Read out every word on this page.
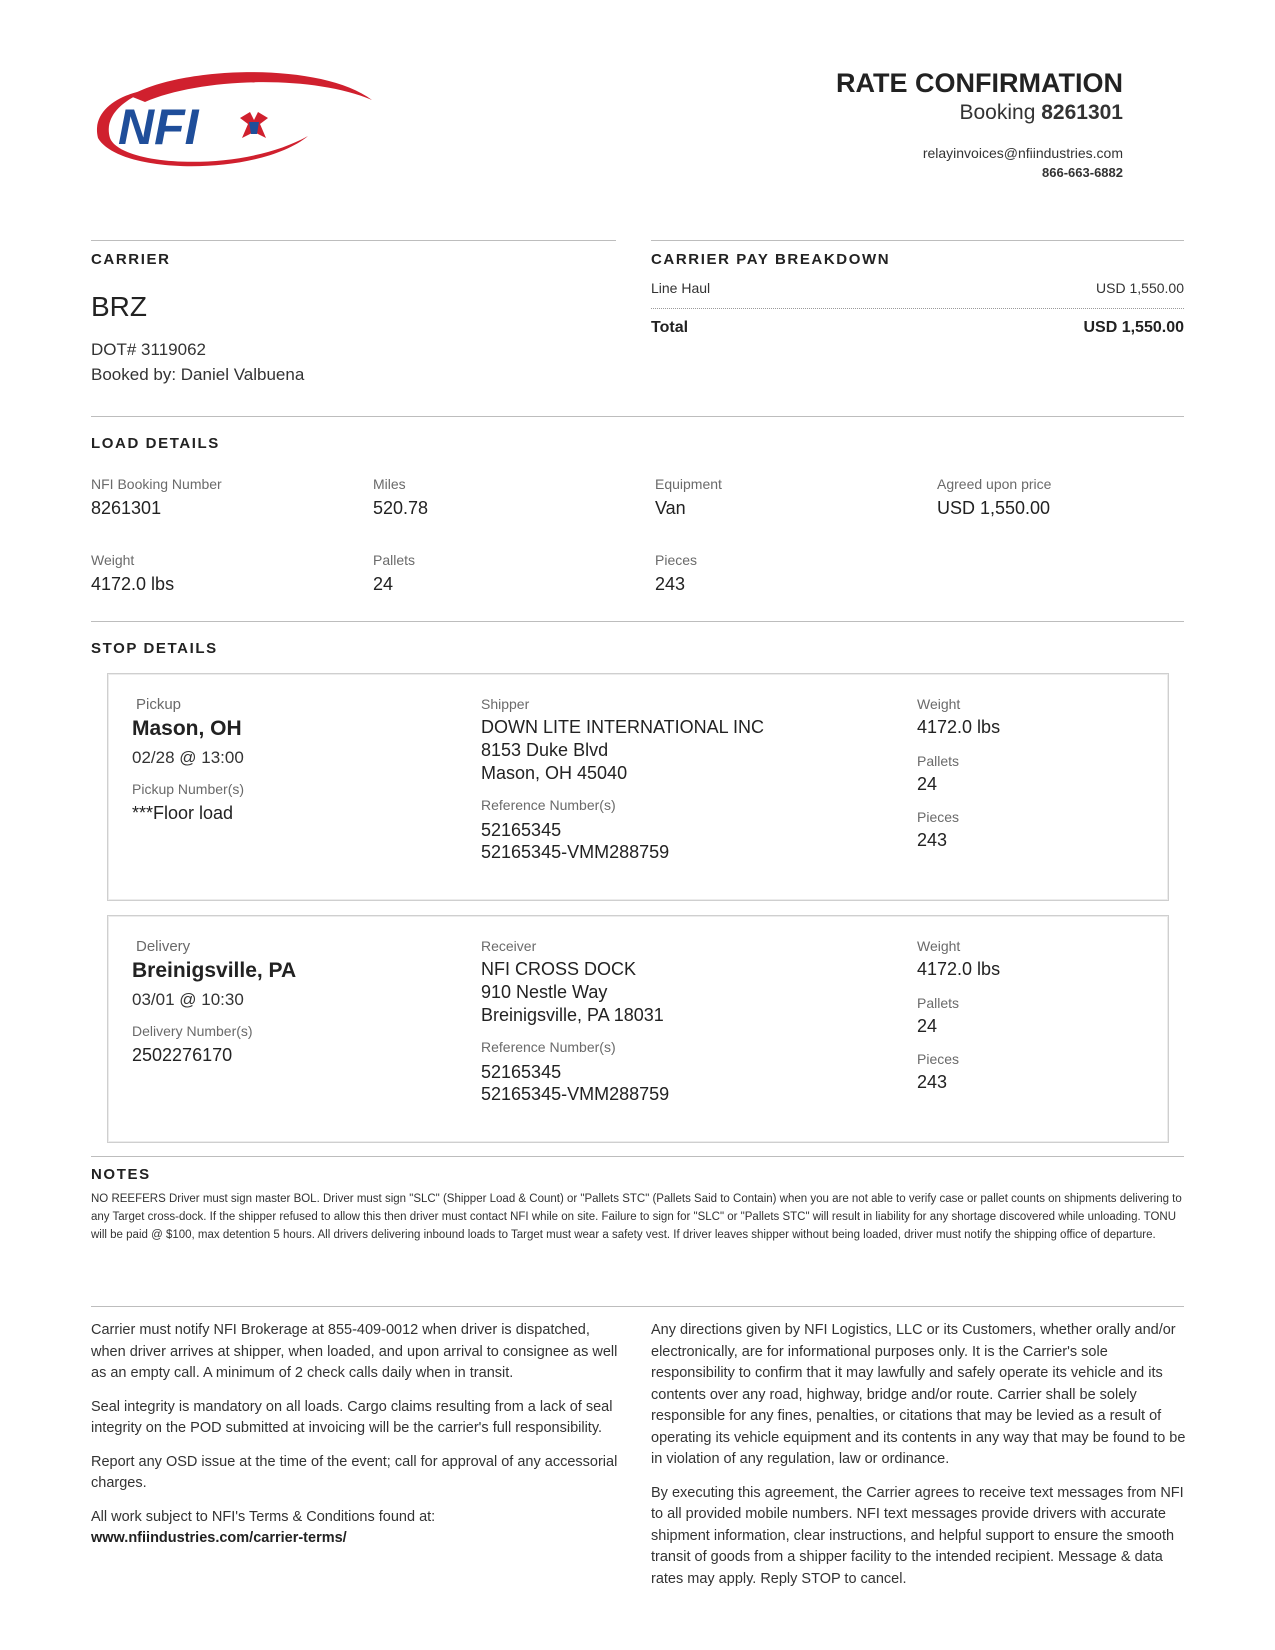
NFI
RATE CONFIRMATION
Booking 8261301
relayinvoices@nfiindustries.com
866-663-6882
CARRIER
BRZ
DOT# 3119062
Booked by: Daniel Valbuena
CARRIER PAY BREAKDOWN
Line Haul	USD 1,550.00
Total	USD 1,550.00
LOAD DETAILS
NFI Booking Number
8261301
Miles
520.78
Equipment
Van
Agreed upon price
USD 1,550.00
Weight
4172.0 lbs
Pallets
24
Pieces
243
STOP DETAILS
Pickup
Mason, OH
02/28 @ 13:00
Pickup Number(s)
***Floor load
Shipper
DOWN LITE INTERNATIONAL INC
8153 Duke Blvd
Mason, OH 45040
Reference Number(s)
52165345
52165345-VMM288759
Weight
4172.0 lbs
Pallets
24
Pieces
243
Delivery
Breinigsville, PA
03/01 @ 10:30
Delivery Number(s)
2502276170
Receiver
NFI CROSS DOCK
910 Nestle Way
Breinigsville, PA 18031
Reference Number(s)
52165345
52165345-VMM288759
Weight
4172.0 lbs
Pallets
24
Pieces
243
NOTES
NO REEFERS Driver must sign master BOL. Driver must sign "SLC" (Shipper Load & Count) or "Pallets STC" (Pallets Said to Contain) when you are not able to verify case or pallet counts on shipments delivering to any Target cross-dock. If the shipper refused to allow this then driver must contact NFI while on site. Failure to sign for "SLC" or "Pallets STC" will result in liability for any shortage discovered while unloading. TONU will be paid @ $100, max detention 5 hours. All drivers delivering inbound loads to Target must wear a safety vest. If driver leaves shipper without being loaded, driver must notify the shipping office of departure.

Carrier must notify NFI Brokerage at 855-409-0012 when driver is dispatched, when driver arrives at shipper, when loaded, and upon arrival to consignee as well as an empty call. A minimum of 2 check calls daily when in transit.

Seal integrity is mandatory on all loads. Cargo claims resulting from a lack of seal integrity on the POD submitted at invoicing will be the carrier's full responsibility.

Report any OSD issue at the time of the event; call for approval of any accessorial charges.

All work subject to NFI's Terms & Conditions found at:

www.nfiindustries.com/carrier-terms/

Any directions given by NFI Logistics, LLC or its Customers, whether orally and/or electronically, are for informational purposes only. It is the Carrier's sole responsibility to confirm that it may lawfully and safely operate its vehicle and its contents over any road, highway, bridge and/or route. Carrier shall be solely responsible for any fines, penalties, or citations that may be levied as a result of operating its vehicle equipment and its contents in any way that may be found to be in violation of any regulation, law or ordinance.

By executing this agreement, the Carrier agrees to receive text messages from NFI to all provided mobile numbers. NFI text messages provide drivers with accurate shipment information, clear instructions, and helpful support to ensure the smooth transit of goods from a shipper facility to the intended recipient. Message & data rates may apply. Reply STOP to cancel.
